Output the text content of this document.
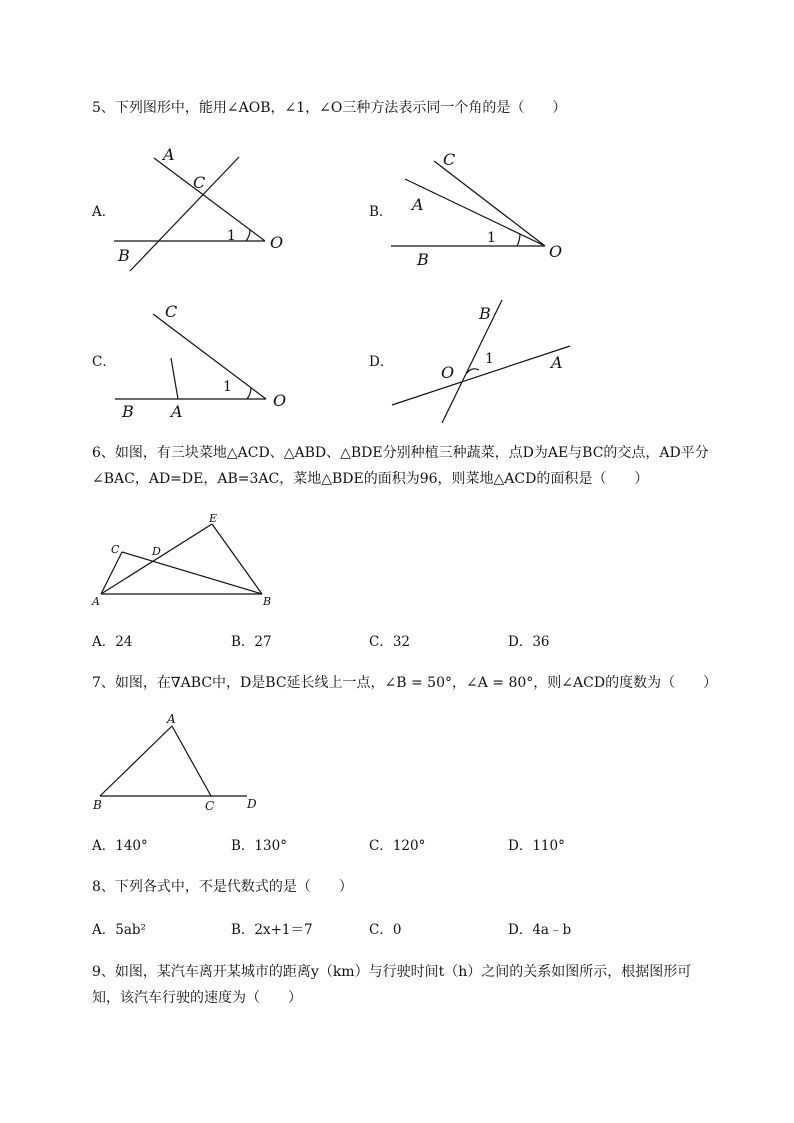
5、下列图形中，能用∠AOB，∠1，∠O三种方法表示同一个角的是（　　）
A．
A
C
1 O
B
B．
C
A
1
O
B
C．
C
1
O
B A
D．
B
1	A
O
6、如图，有三块菜地△ACD、△ABD、△BDE分别种植三种蔬菜，点D为AE与BC的交点，AD平分
∠BAC，AD=DE，AB=3AC，菜地△BDE的面积为96，则菜地△ACD的面积是（　　）
E
C	D
A	B
A．24	B．27	C．32	D．36
7、如图，在∇ABC中，D是BC延长线上一点，∠B = 50°，∠A = 80°，则∠ACD的度数为（　　）
A
B	C	D
A．140°	B．130°	C．120°	D．110°
8、下列各式中，不是代数式的是（　　）
A．5ab²	B．2x+1＝7	C．0	D．4a﹣b
9、如图，某汽车离开某城市的距离y（km）与行驶时间t（h）之间的关系如图所示，根据图形可
知，该汽车行驶的速度为（　　）
